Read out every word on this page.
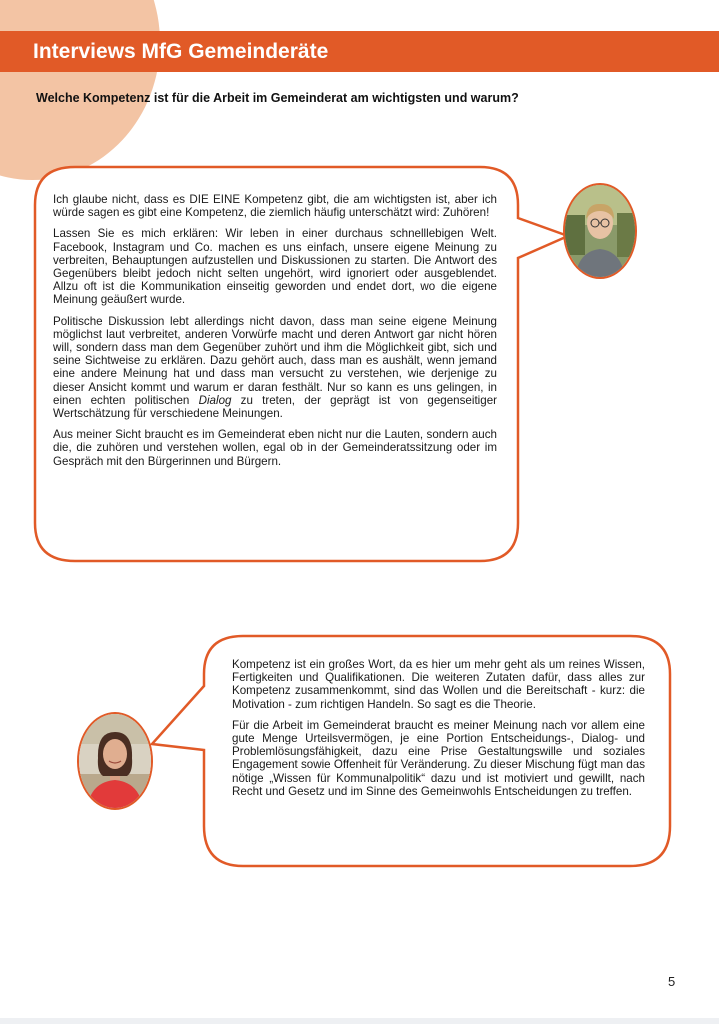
Interviews MfG Gemeinderäte
Welche Kompetenz ist für die Arbeit im Gemeinderat am wichtigsten und warum?

Ich glaube nicht, dass es DIE EINE Kompetenz gibt, die am wichtigsten ist, aber ich würde sagen es gibt eine Kompetenz, die ziemlich häufig unterschätzt wird: Zuhören!

Lassen Sie es mich erklären: Wir leben in einer durchaus schnelllebigen Welt. Facebook, Instagram und Co. machen es uns einfach, unsere eigene Meinung zu verbreiten, Behauptungen aufzustellen und Diskussionen zu starten. Die Antwort des Gegenübers bleibt jedoch nicht selten ungehört, wird ignoriert oder ausgeblendet. Allzu oft ist die Kommunikation einseitig geworden und endet dort, wo die eigene Meinung geäußert wurde.

Politische Diskussion lebt allerdings nicht davon, dass man seine eigene Meinung möglichst laut verbreitet, anderen Vorwürfe macht und deren Antwort gar nicht hören will, sondern dass man dem Gegenüber zuhört und ihm die Möglichkeit gibt, sich und seine Sichtweise zu erklären. Dazu gehört auch, dass man es aushält, wenn jemand eine andere Meinung hat und dass man versucht zu verstehen, wie derjenige zu dieser Ansicht kommt und warum er daran festhält. Nur so kann es uns gelingen, in einen echten politischen Dialog zu treten, der geprägt ist von gegenseitiger Wertschätzung für verschiedene Meinungen.

Aus meiner Sicht braucht es im Gemeinderat eben nicht nur die Lauten, sondern auch die, die zuhören und verstehen wollen, egal ob in der Gemeinderatssitzung oder im Gespräch mit den Bürgerinnen und Bürgern.

Kompetenz ist ein großes Wort, da es hier um mehr geht als um reines Wissen, Fertigkeiten und Qualifikationen. Die weiteren Zutaten dafür, dass alles zur Kompetenz zusammenkommt, sind das Wollen und die Bereitschaft - kurz: die Motivation - zum richtigen Handeln. So sagt es die Theorie.

Für die Arbeit im Gemeinderat braucht es meiner Meinung nach vor allem eine gute Menge Urteilsvermögen, je eine Portion Entscheidungs-, Dialog- und Problemlösungsfähigkeit, dazu eine Prise Gestaltungswille und soziales Engagement sowie Offenheit für Veränderung. Zu dieser Mischung fügt man das nötige „Wissen für Kommunalpolitik“ dazu und ist motiviert und gewillt, nach Recht und Gesetz und im Sinne des Gemeinwohls Entscheidungen zu treffen.

5
